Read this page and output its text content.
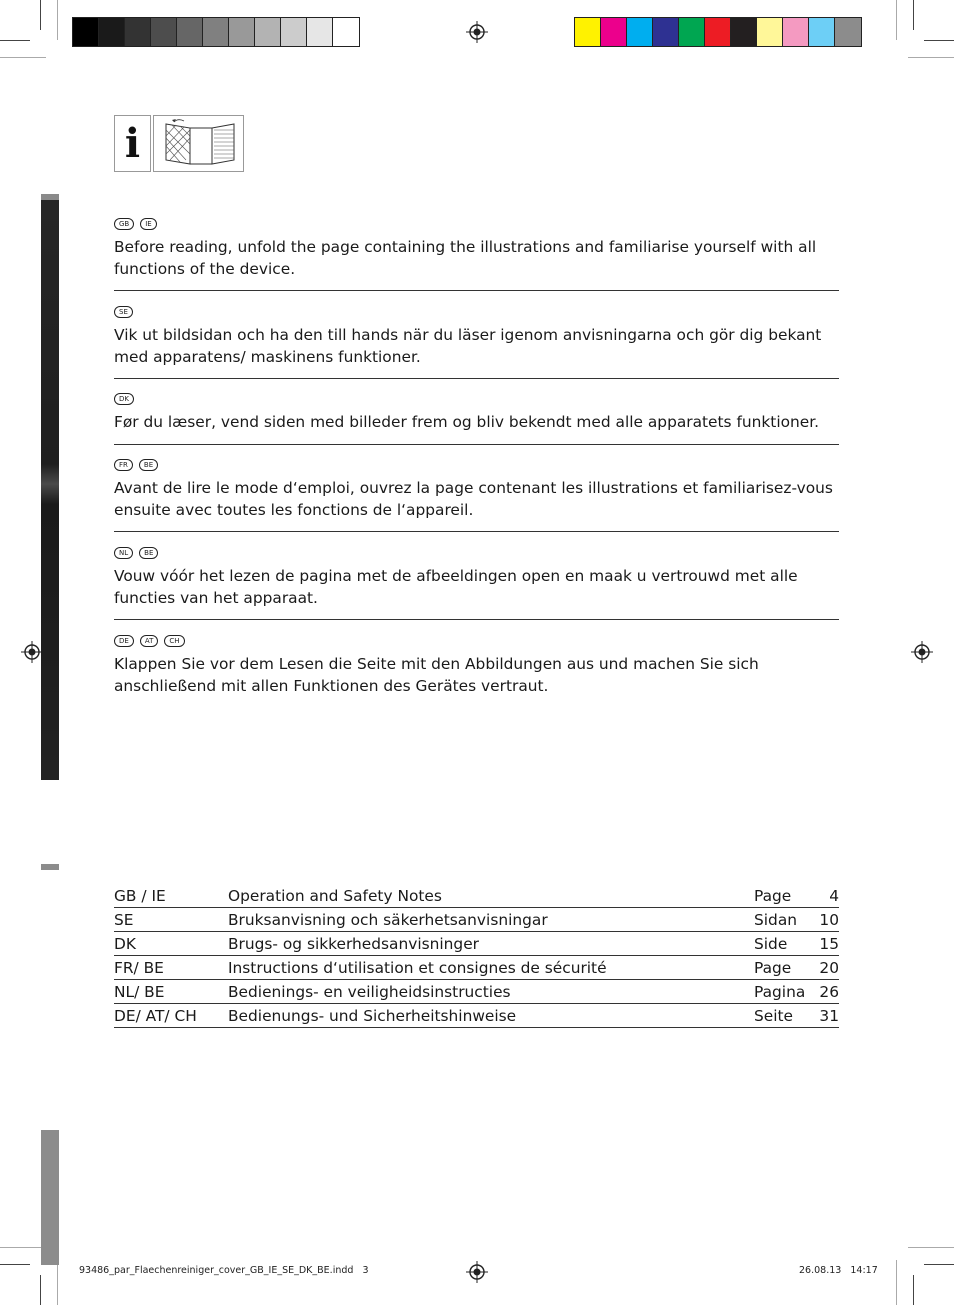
i
GB	IE
Before reading, unfold the page containing the illustrations and familiarise yourself with all functions of the device.
SE
Vik ut bildsidan och ha den till hands när du läser igenom anvisningarna och gör dig bekant med apparatens/ maskinens funktioner.
DK
Før du læser, vend siden med billeder frem og bliv bekendt med alle apparatets funktioner.
FR	BE
Avant de lire le mode d‘emploi, ouvrez la page contenant les illustrations et familiarisez-vous ensuite avec toutes les fonctions de l‘appareil.
NL	BE
Vouw vóór het lezen de pagina met de afbeeldingen open en maak u vertrouwd met alle functies van het apparaat.
DE	AT	CH
Klappen Sie vor dem Lesen die Seite mit den Abbildungen aus und machen Sie sich anschließend mit allen Funktionen des Gerätes vertraut.
GB / IE	Operation and Safety Notes	Page	4
SE	Bruksanvisning och säkerhetsanvisningar	Sidan	10
DK	Brugs- og sikkerhedsanvisninger	Side	15
FR/ BE	Instructions d‘utilisation et consignes de sécurité	Page	20
NL/ BE	Bedienings- en veiligheidsinstructies	Pagina 26
DE/ AT/ CH	Bedienungs- und Sicherheitshinweise	Seite	31
93486_par_Flaechenreiniger_cover_GB_IE_SE_DK_BE.indd   3	26.08.13   14:17
